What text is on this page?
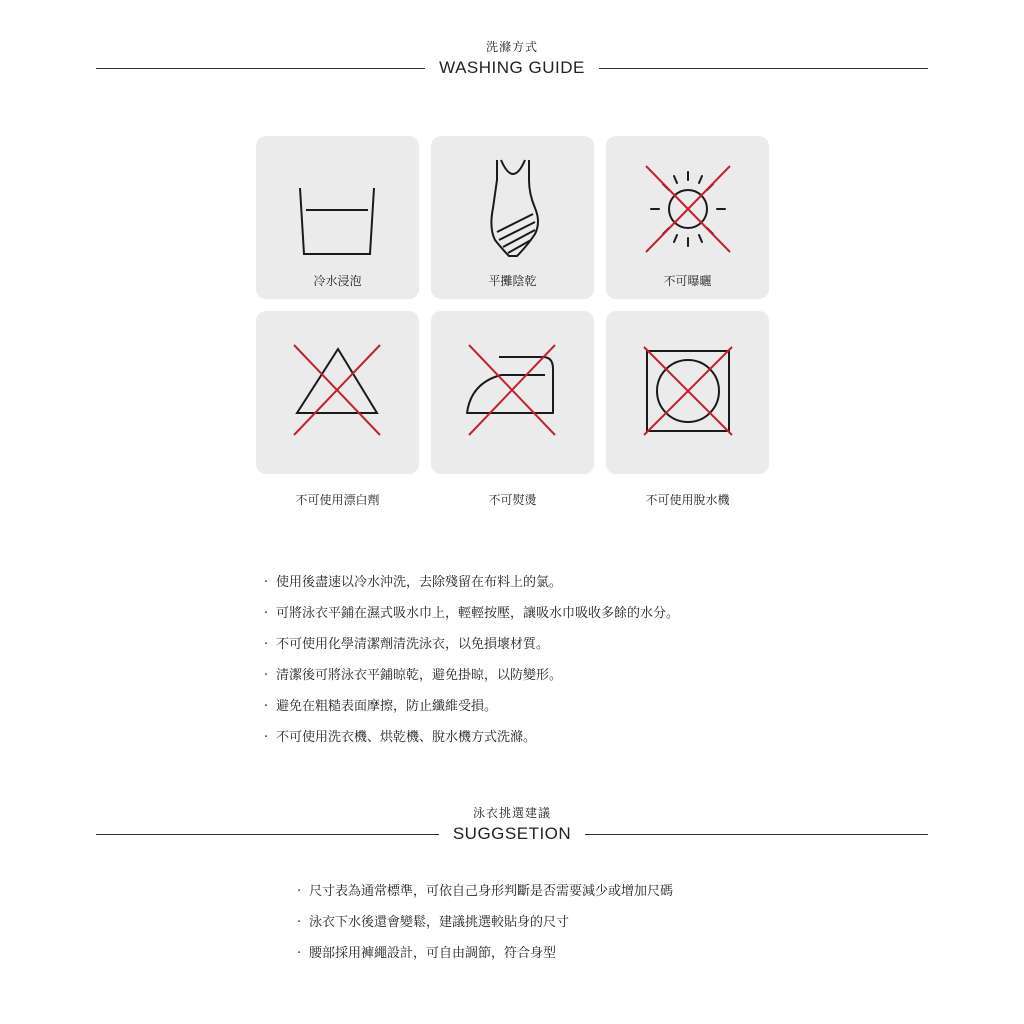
洗滌方式
WASHING GUIDE
冷水浸泡	平攤陰乾	不可曝曬
不可使用漂白劑	不可熨燙	不可使用脫水機
· 使用後盡速以冷水沖洗，去除殘留在布料上的氯。
· 可將泳衣平鋪在濕式吸水巾上，輕輕按壓，讓吸水巾吸收多餘的水分。
· 不可使用化學清潔劑清洗泳衣，以免損壞材質。
· 清潔後可將泳衣平鋪晾乾，避免掛晾，以防變形。
· 避免在粗糙表面摩擦，防止纖維受損。
· 不可使用洗衣機、烘乾機、脫水機方式洗滌。
泳衣挑選建議
SUGGSETION
· 尺寸表為通常標準，可依自己身形判斷是否需要減少或增加尺碼
· 泳衣下水後還會變鬆，建議挑選較貼身的尺寸
· 腰部採用褲繩設計，可自由調節，符合身型
